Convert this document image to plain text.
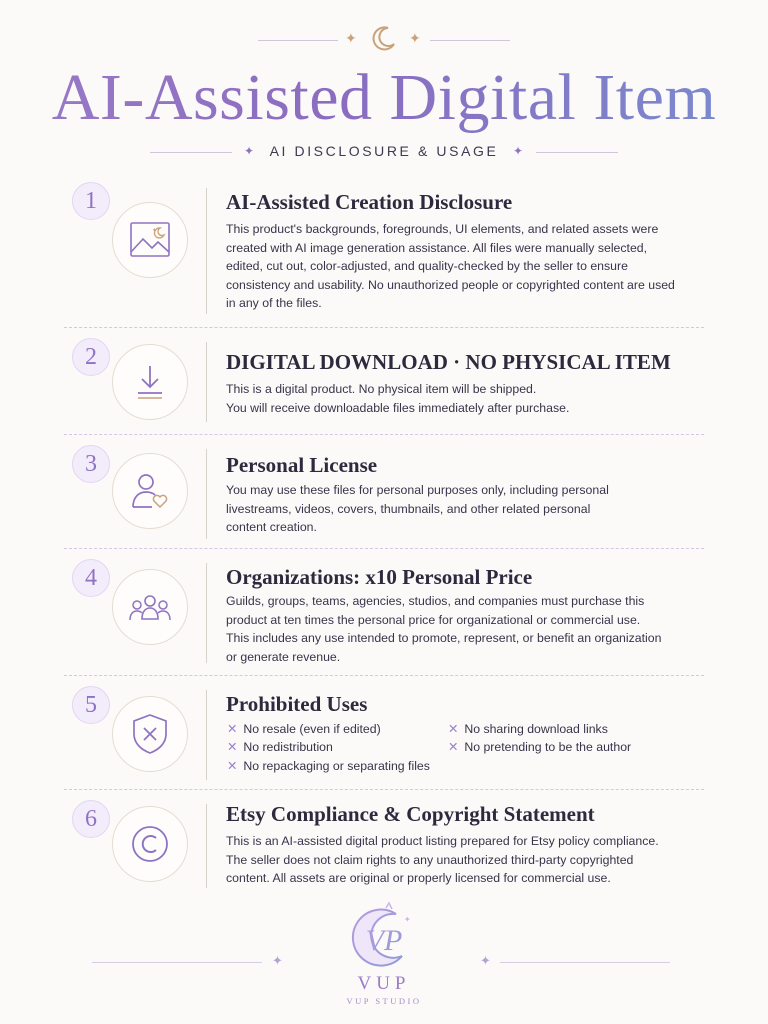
✦	✦
AI-Assisted Digital Item
✦	AI DISCLOSURE & USAGE	✦
1
✦
AI-Assisted Creation Disclosure
This product's backgrounds, foregrounds, UI elements, and related assets were created with AI image generation assistance. All files were manually selected, edited, cut out, color-adjusted, and quality-checked by the seller to ensure consistency and usability. No unauthorized people or copyrighted content are used in any of the files.
2	DIGITAL DOWNLOAD · NO PHYSICAL ITEM
This is a digital product. No physical item will be shipped.
You will receive downloadable files immediately after purchase.
3	Personal License
You may use these files for personal purposes only, including personal livestreams, videos, covers, thumbnails, and other related personal content creation.
4	Organizations: x10 Personal Price
Guilds, groups, teams, agencies, studios, and companies must purchase this product at ten times the personal price for organizational or commercial use. This includes any use intended to promote, represent, or benefit an organization or generate revenue.
5	Prohibited Uses
✕ No resale (even if edited)
✕ No redistribution
✕ No repackaging or separating files
✕ No sharing download links
✕ No pretending to be the author
6	Etsy Compliance & Copyright Statement
This is an AI-assisted digital product listing prepared for Etsy policy compliance. The seller does not claim rights to any unauthorized third-party copyrighted content. All assets are original or properly licensed for commercial use.
✦
VP
✦
✦
VUP
VUP STUDIO
